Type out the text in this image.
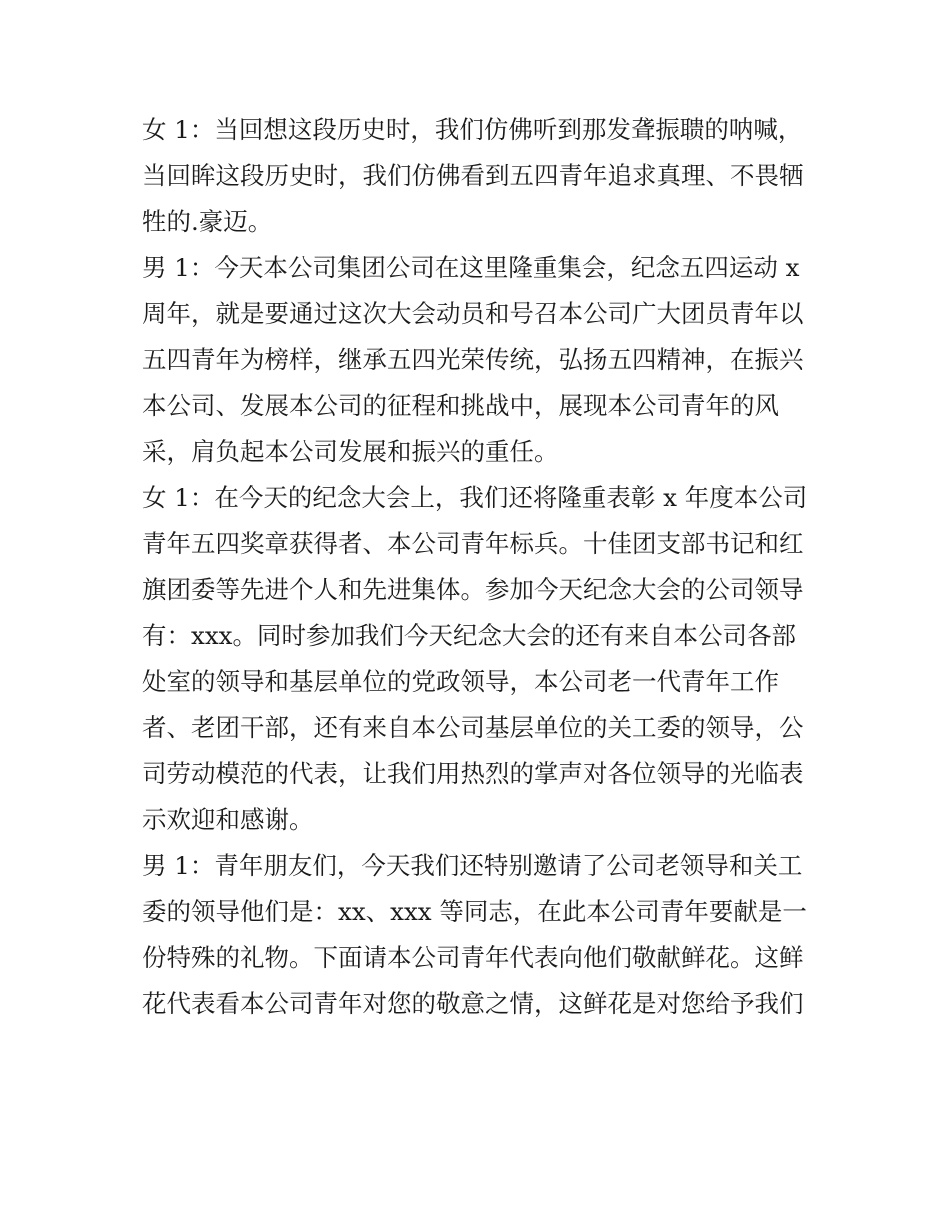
女 1：当回想这段历史时，我们仿佛听到那发聋振聩的呐喊，

当回眸这段历史时，我们仿佛看到五四青年追求真理、不畏牺

牲的.豪迈。

男 1：今天本公司集团公司在这里隆重集会，纪念五四运动 x

周年，就是要通过这次大会动员和号召本公司广大团员青年以

五四青年为榜样，继承五四光荣传统，弘扬五四精神，在振兴

本公司、发展本公司的征程和挑战中，展现本公司青年的风

采，肩负起本公司发展和振兴的重任。

女 1：在今天的纪念大会上，我们还将隆重表彰 x 年度本公司

青年五四奖章获得者、本公司青年标兵。十佳团支部书记和红

旗团委等先进个人和先进集体。参加今天纪念大会的公司领导

有：xxx。同时参加我们今天纪念大会的还有来自本公司各部

处室的领导和基层单位的党政领导，本公司老一代青年工作

者、老团干部，还有来自本公司基层单位的关工委的领导，公

司劳动模范的代表，让我们用热烈的掌声对各位领导的光临表

示欢迎和感谢。

男 1：青年朋友们，今天我们还特别邀请了公司老领导和关工

委的领导他们是：xx、xxx 等同志，在此本公司青年要献是一

份特殊的礼物。下面请本公司青年代表向他们敬献鲜花。这鲜

花代表看本公司青年对您的敬意之情，这鲜花是对您给予我们
